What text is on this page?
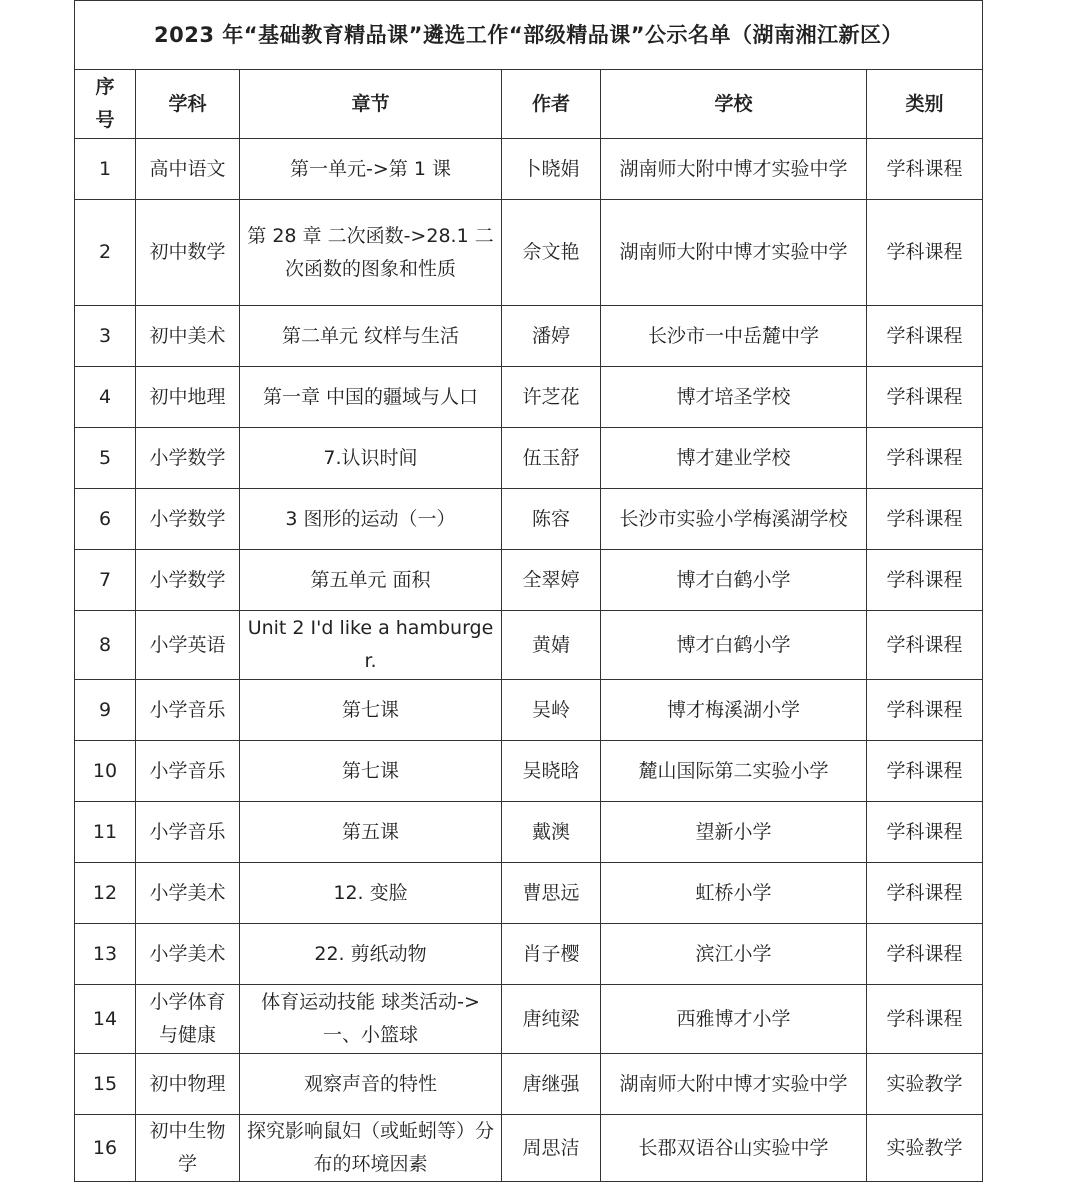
2023 年“基础教育精品课”遴选工作“部级精品课”公示名单（湖南湘江新区）					
序号	学科	章节	作者	学校	类别
1	高中语文	第一单元->第 1 课	卜晓娟	湖南师大附中博才实验中学	学科课程
2	初中数学	第 28 章 二次函数->28.1 二次函数的图象和性质	佘文艳	湖南师大附中博才实验中学	学科课程
3	初中美术	第二单元 纹样与生活	潘婷	长沙市一中岳麓中学	学科课程
4	初中地理	第一章 中国的疆域与人口	许芝花	博才培圣学校	学科课程
5	小学数学	7.认识时间	伍玉舒	博才建业学校	学科课程
6	小学数学	3 图形的运动（一）	陈容	长沙市实验小学梅溪湖学校	学科课程
7	小学数学	第五单元 面积	全翠婷	博才白鹤小学	学科课程
8	小学英语	Unit 2 I'd like a hamburger.	黄婧	博才白鹤小学	学科课程
9	小学音乐	第七课	吴岭	博才梅溪湖小学	学科课程
10	小学音乐	第七课	吴晓晗	麓山国际第二实验小学	学科课程
11	小学音乐	第五课	戴澳	望新小学	学科课程
12	小学美术	12. 变脸	曹思远	虹桥小学	学科课程
13	小学美术	22. 剪纸动物	肖子樱	滨江小学	学科课程
14	小学体育与健康	体育运动技能 球类活动->一、小篮球	唐纯梁	西雅博才小学	学科课程
15	初中物理	观察声音的特性	唐继强	湖南师大附中博才实验中学	实验教学
16	初中生物学	探究影响鼠妇（或蚯蚓等）分布的环境因素	周思洁	长郡双语谷山实验中学	实验教学
